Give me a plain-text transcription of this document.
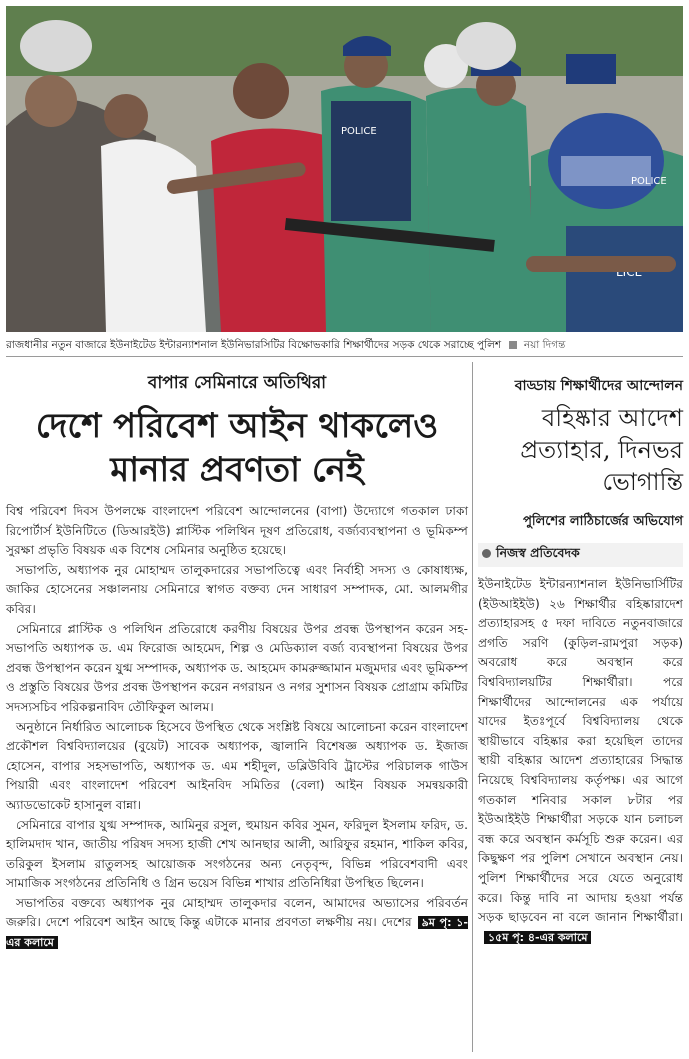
POLICE
POLICE
রাজধানীর নতুন বাজারে ইউনাইটেড ইন্টারন্যাশনাল ইউনিভারসিটির বিক্ষোভকারি শিক্ষার্থীদের সড়ক থেকে সরাচ্ছে পুলিশ নয়া দিগন্ত
বাপার সেমিনারে অতিথিরা
দেশে পরিবেশ আইন থাকলেও
মানার প্রবণতা নেই

বিশ্ব পরিবেশ দিবস উপলক্ষে বাংলাদেশ পরিবেশ আন্দোলনের (বাপা) উদ্যোগে গতকাল ঢাকা রিপোর্টার্স ইউনিটিতে (ডিআরইউ) প্লাস্টিক পলিথিন দূষণ প্রতিরোধ, বর্জ্যব্যবস্থাপনা ও ভূমিকম্প সুরক্ষা প্রভৃতি বিষয়ক এক বিশেষ সেমিনার অনুষ্ঠিত হয়েছে।

সভাপতি, অধ্যাপক নুর মোহাম্মদ তালুকদারের সভাপতিত্বে এবং নির্বাহী সদস্য ও কোষাধ্যক্ষ, জাকির হোসেনের সঞ্চালনায় সেমিনারে স্বাগত বক্তব্য দেন সাধারণ সম্পাদক, মো. আলমগীর কবির।

সেমিনারে প্লাস্টিক ও পলিথিন প্রতিরোধে করণীয় বিষয়ের উপর প্রবন্ধ উপস্থাপন করেন সহ-সভাপতি অধ্যাপক ড. এম ফিরোজ আহমেদ, শিল্প ও মেডিক্যাল বর্জ্য ব্যবস্থাপনা বিষয়ের উপর প্রবন্ধ উপস্থাপন করেন যুগ্ম সম্পাদক, অধ্যাপক ড. আহমেদ কামরুজ্জামান মজুমদার এবং ভূমিকম্প ও প্রস্তুতি বিষয়ের উপর প্রবন্ধ উপস্থাপন করেন নগরায়ন ও নগর সুশাসন বিষয়ক প্রোগ্রাম কমিটির সদস্যসচিব পরিকল্পনাবিদ তৌফিকুল আলম।

অনুষ্ঠানে নির্ধারিত আলোচক হিসেবে উপস্থিত থেকে সংশ্লিষ্ট বিষয়ে আলোচনা করেন বাংলাদেশ প্রকৌশল বিশ্ববিদ্যালয়ের (বুয়েট) সাবেক অধ্যাপক, জ্বালানি বিশেষজ্ঞ অধ্যাপক ড. ইজাজ হোসেন, বাপার সহসভাপতি, অধ্যাপক ড. এম শহীদুল, ডব্লিউবিবি ট্রাস্টের পরিচালক গাউস পিয়ারী এবং বাংলাদেশ পরিবেশ আইনবিদ সমিতির (বেলা) আইন বিষয়ক সমন্বয়কারী অ্যাডভোকেট হাসানুল বান্না।

সেমিনারে বাপার যুগ্ম সম্পাদক, আমিনুর রসুল, হুমায়ন কবির সুমন, ফরিদুল ইসলাম ফরিদ, ড. হালিমদাদ খান, জাতীয় পরিষদ সদস্য হাজী শেখ আনছার আলী, আরিফুর রহমান, শাকিল কবির, তরিকুল ইসলাম রাতুলসহ আয়োজক সংগঠনের অন্য নেতৃবৃন্দ, বিভিন্ন পরিবেশবাদী এবং সামাজিক সংগঠনের প্রতিনিধি ও গ্রিন ভয়েস বিভিন্ন শাখার প্রতিনিধিরা উপস্থিত ছিলেন।

সভাপতির বক্তব্যে অধ্যাপক নুর মোহাম্মদ তালুকদার বলেন, আমাদের অভ্যাসের পরিবর্তন জরুরি। দেশে পরিবেশ আইন আছে কিন্তু এটাকে মানার প্রবণতা লক্ষণীয় নয়। দেশের ৯ম পৃ: ১-এর কলামে

বাড্ডায় শিক্ষার্থীদের আন্দোলন
বহিষ্কার আদেশ
প্রত্যাহার, দিনভর
ভোগান্তি
পুলিশের লাঠিচার্জের অভিযোগ
নিজস্ব প্রতিবেদক

ইউনাইটেড ইন্টারন্যাশনাল ইউনিভার্সিটির (ইউআইইউ) ২৬ শিক্ষার্থীর বহিষ্কারাদেশ প্রত্যাহারসহ ৫ দফা দাবিতে নতুনবাজারে প্রগতি সরণি (কুড়িল-রামপুরা সড়ক) অবরোধ করে অবস্থান করে বিশ্ববিদ্যালয়টির শিক্ষার্থীরা। পরে শিক্ষার্থীদের আন্দোলনের এক পর্যায়ে যাদের ইতঃপূর্বে বিশ্ববিদ্যালয় থেকে স্থায়ীভাবে বহিষ্কার করা হয়েছিল তাদের স্থায়ী বহিষ্কার আদেশ প্রত্যাহারের সিদ্ধান্ত নিয়েছে বিশ্ববিদ্যালয় কর্তৃপক্ষ। এর আগে গতকাল শনিবার সকাল ৮টার পর ইউআইইউ শিক্ষার্থীরা সড়কে যান চলাচল বন্ধ করে অবস্থান কর্মসূচি শুরু করেন। এর কিছুক্ষণ পর পুলিশ সেখানে অবস্থান নেয়। পুলিশ শিক্ষার্থীদের সরে যেতে অনুরোধ করে। কিন্তু দাবি না আদায় হওয়া পর্যন্ত সড়ক ছাড়বেন না বলে জানান শিক্ষার্থীরা।১৫ম পৃ: ৪-এর কলামে
